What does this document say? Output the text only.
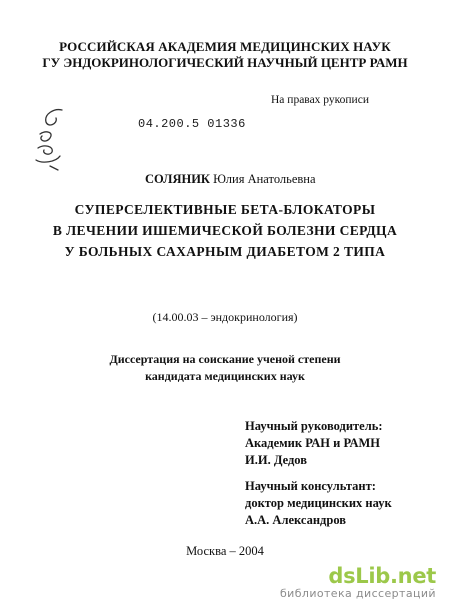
РОССИЙСКАЯ АКАДЕМИЯ МЕДИЦИНСКИХ НАУК
ГУ ЭНДОКРИНОЛОГИЧЕСКИЙ НАУЧНЫЙ ЦЕНТР РАМН
На правах рукописи
04.200.5 01336
СОЛЯНИК Юлия Анатольевна
СУПЕРСЕЛЕКТИВНЫЕ БЕТА-БЛОКАТОРЫ
В ЛЕЧЕНИИ ИШЕМИЧЕСКОЙ БОЛЕЗНИ СЕРДЦА
У БОЛЬНЫХ САХАРНЫМ ДИАБЕТОМ 2 ТИПА
(14.00.03 – эндокринология)
Диссертация на соискание ученой степени
кандидата медицинских наук
Научный руководитель:
Академик РАН и РАМН
И.И. Дедов
Научный консультант:
доктор медицинских наук
А.А. Александров
Москва – 2004
dsLib.net
библиотека диссертаций
